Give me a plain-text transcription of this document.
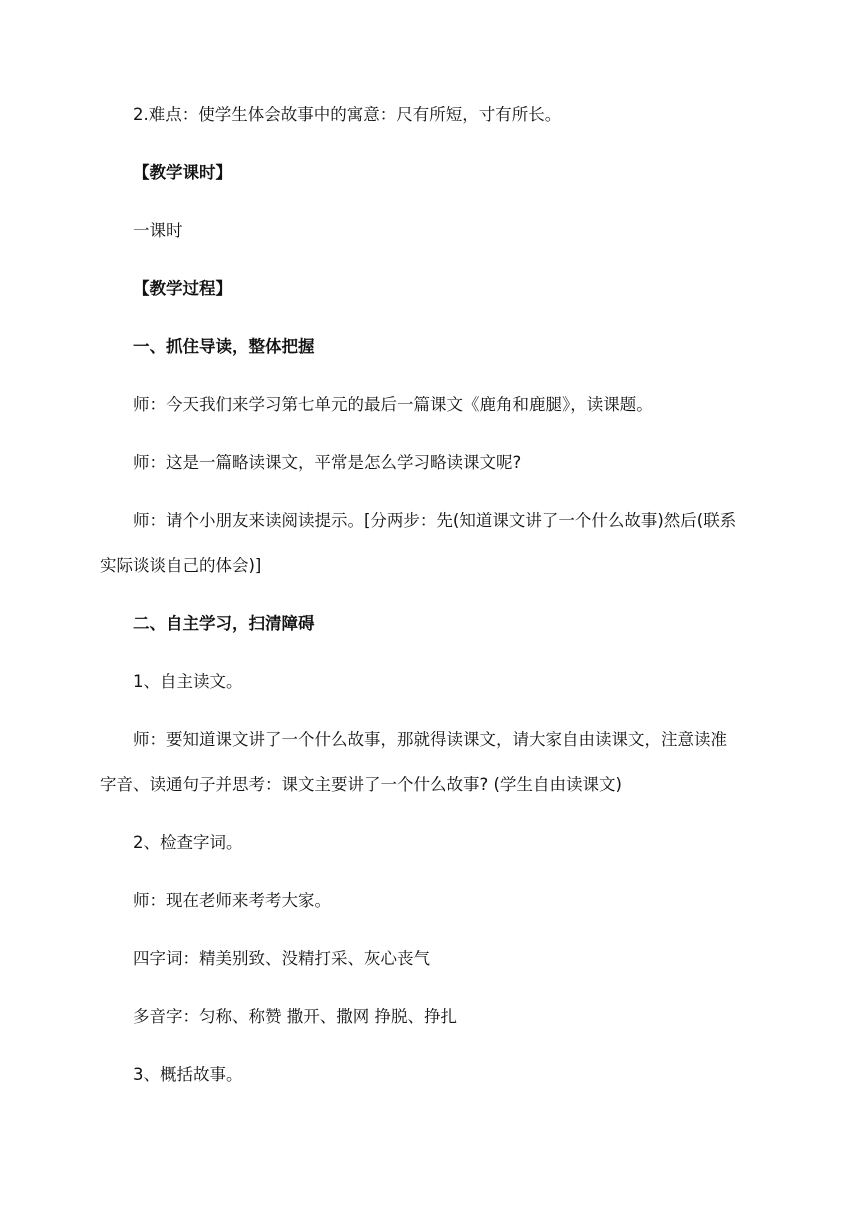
2.难点：使学生体会故事中的寓意：尺有所短，寸有所长。
【教学课时】
一课时
【教学过程】
一、抓住导读，整体把握
师：今天我们来学习第七单元的最后一篇课文《鹿角和鹿腿》，读课题。
师：这是一篇略读课文，平常是怎么学习略读课文呢?
师：请个小朋友来读阅读提示。[分两步：先(知道课文讲了一个什么故事)然后(联系
实际谈谈自己的体会)]
二、自主学习，扫清障碍
1、自主读文。
师：要知道课文讲了一个什么故事，那就得读课文，请大家自由读课文，注意读准
字音、读通句子并思考：课文主要讲了一个什么故事? (学生自由读课文)
2、检查字词。
师：现在老师来考考大家。
四字词：精美别致、没精打采、灰心丧气
多音字：匀称、称赞 撒开、撒网 挣脱、挣扎
3、概括故事。
